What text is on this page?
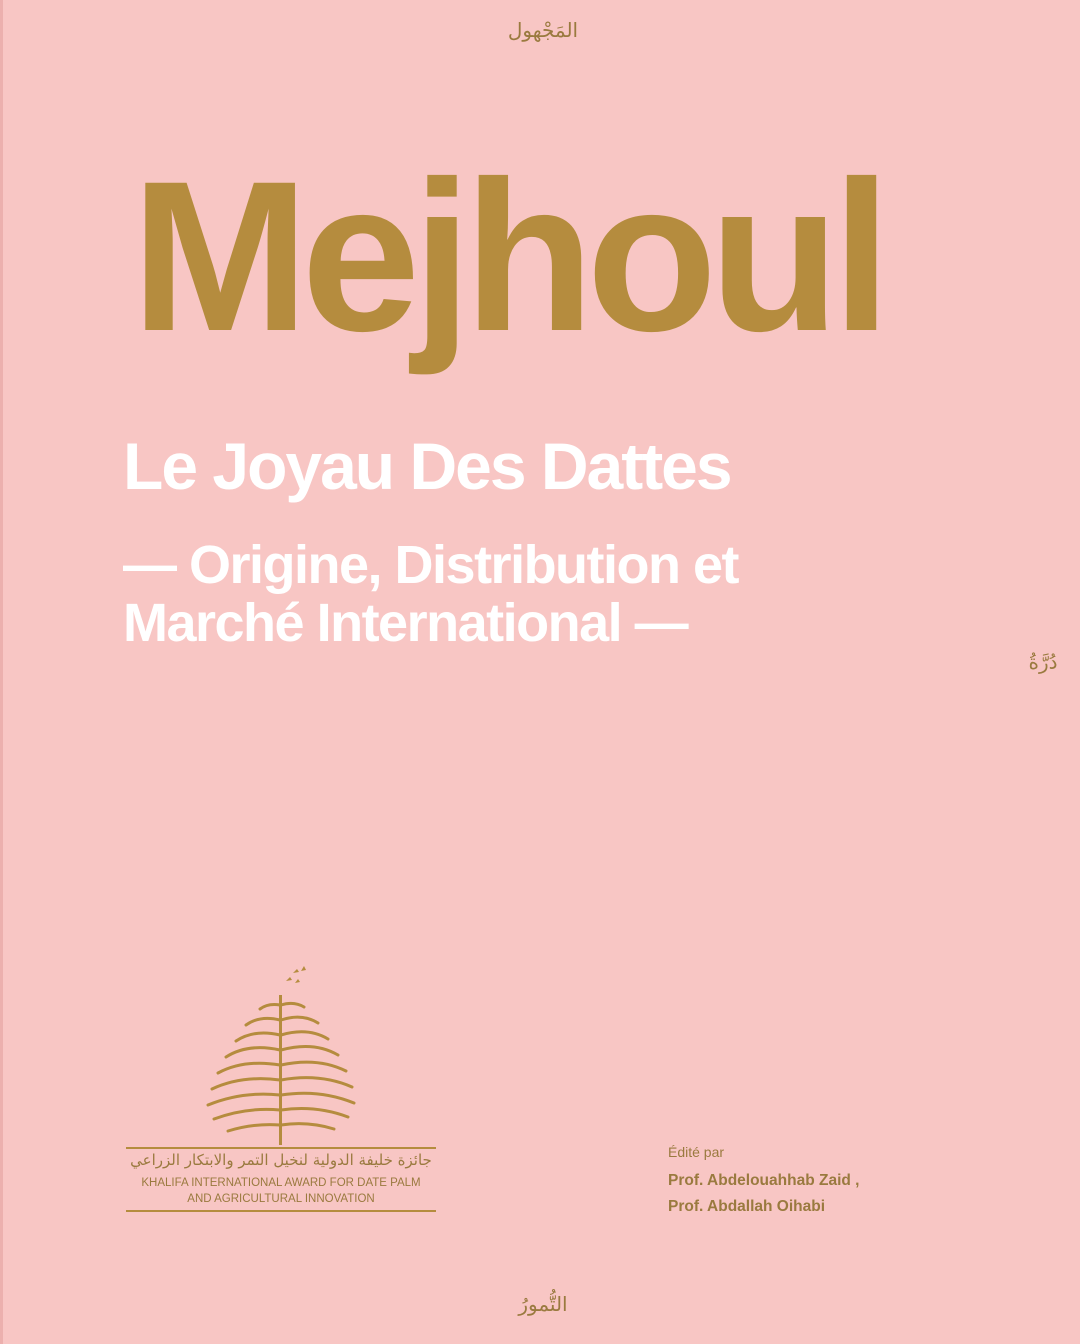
المَجْهول
Mejhoul
Le Joyau Des Dattes
— Origine, Distribution et
Marché International —
دُرَّةُ
جائزة خليفة الدولية لنخيل التمر والابتكار الزراعي
KHALIFA INTERNATIONAL AWARD FOR DATE PALM
AND AGRICULTURAL INNOVATION
Édité par
Prof. Abdelouahhab Zaid ,
Prof. Abdallah Oihabi
التُّمورُ
